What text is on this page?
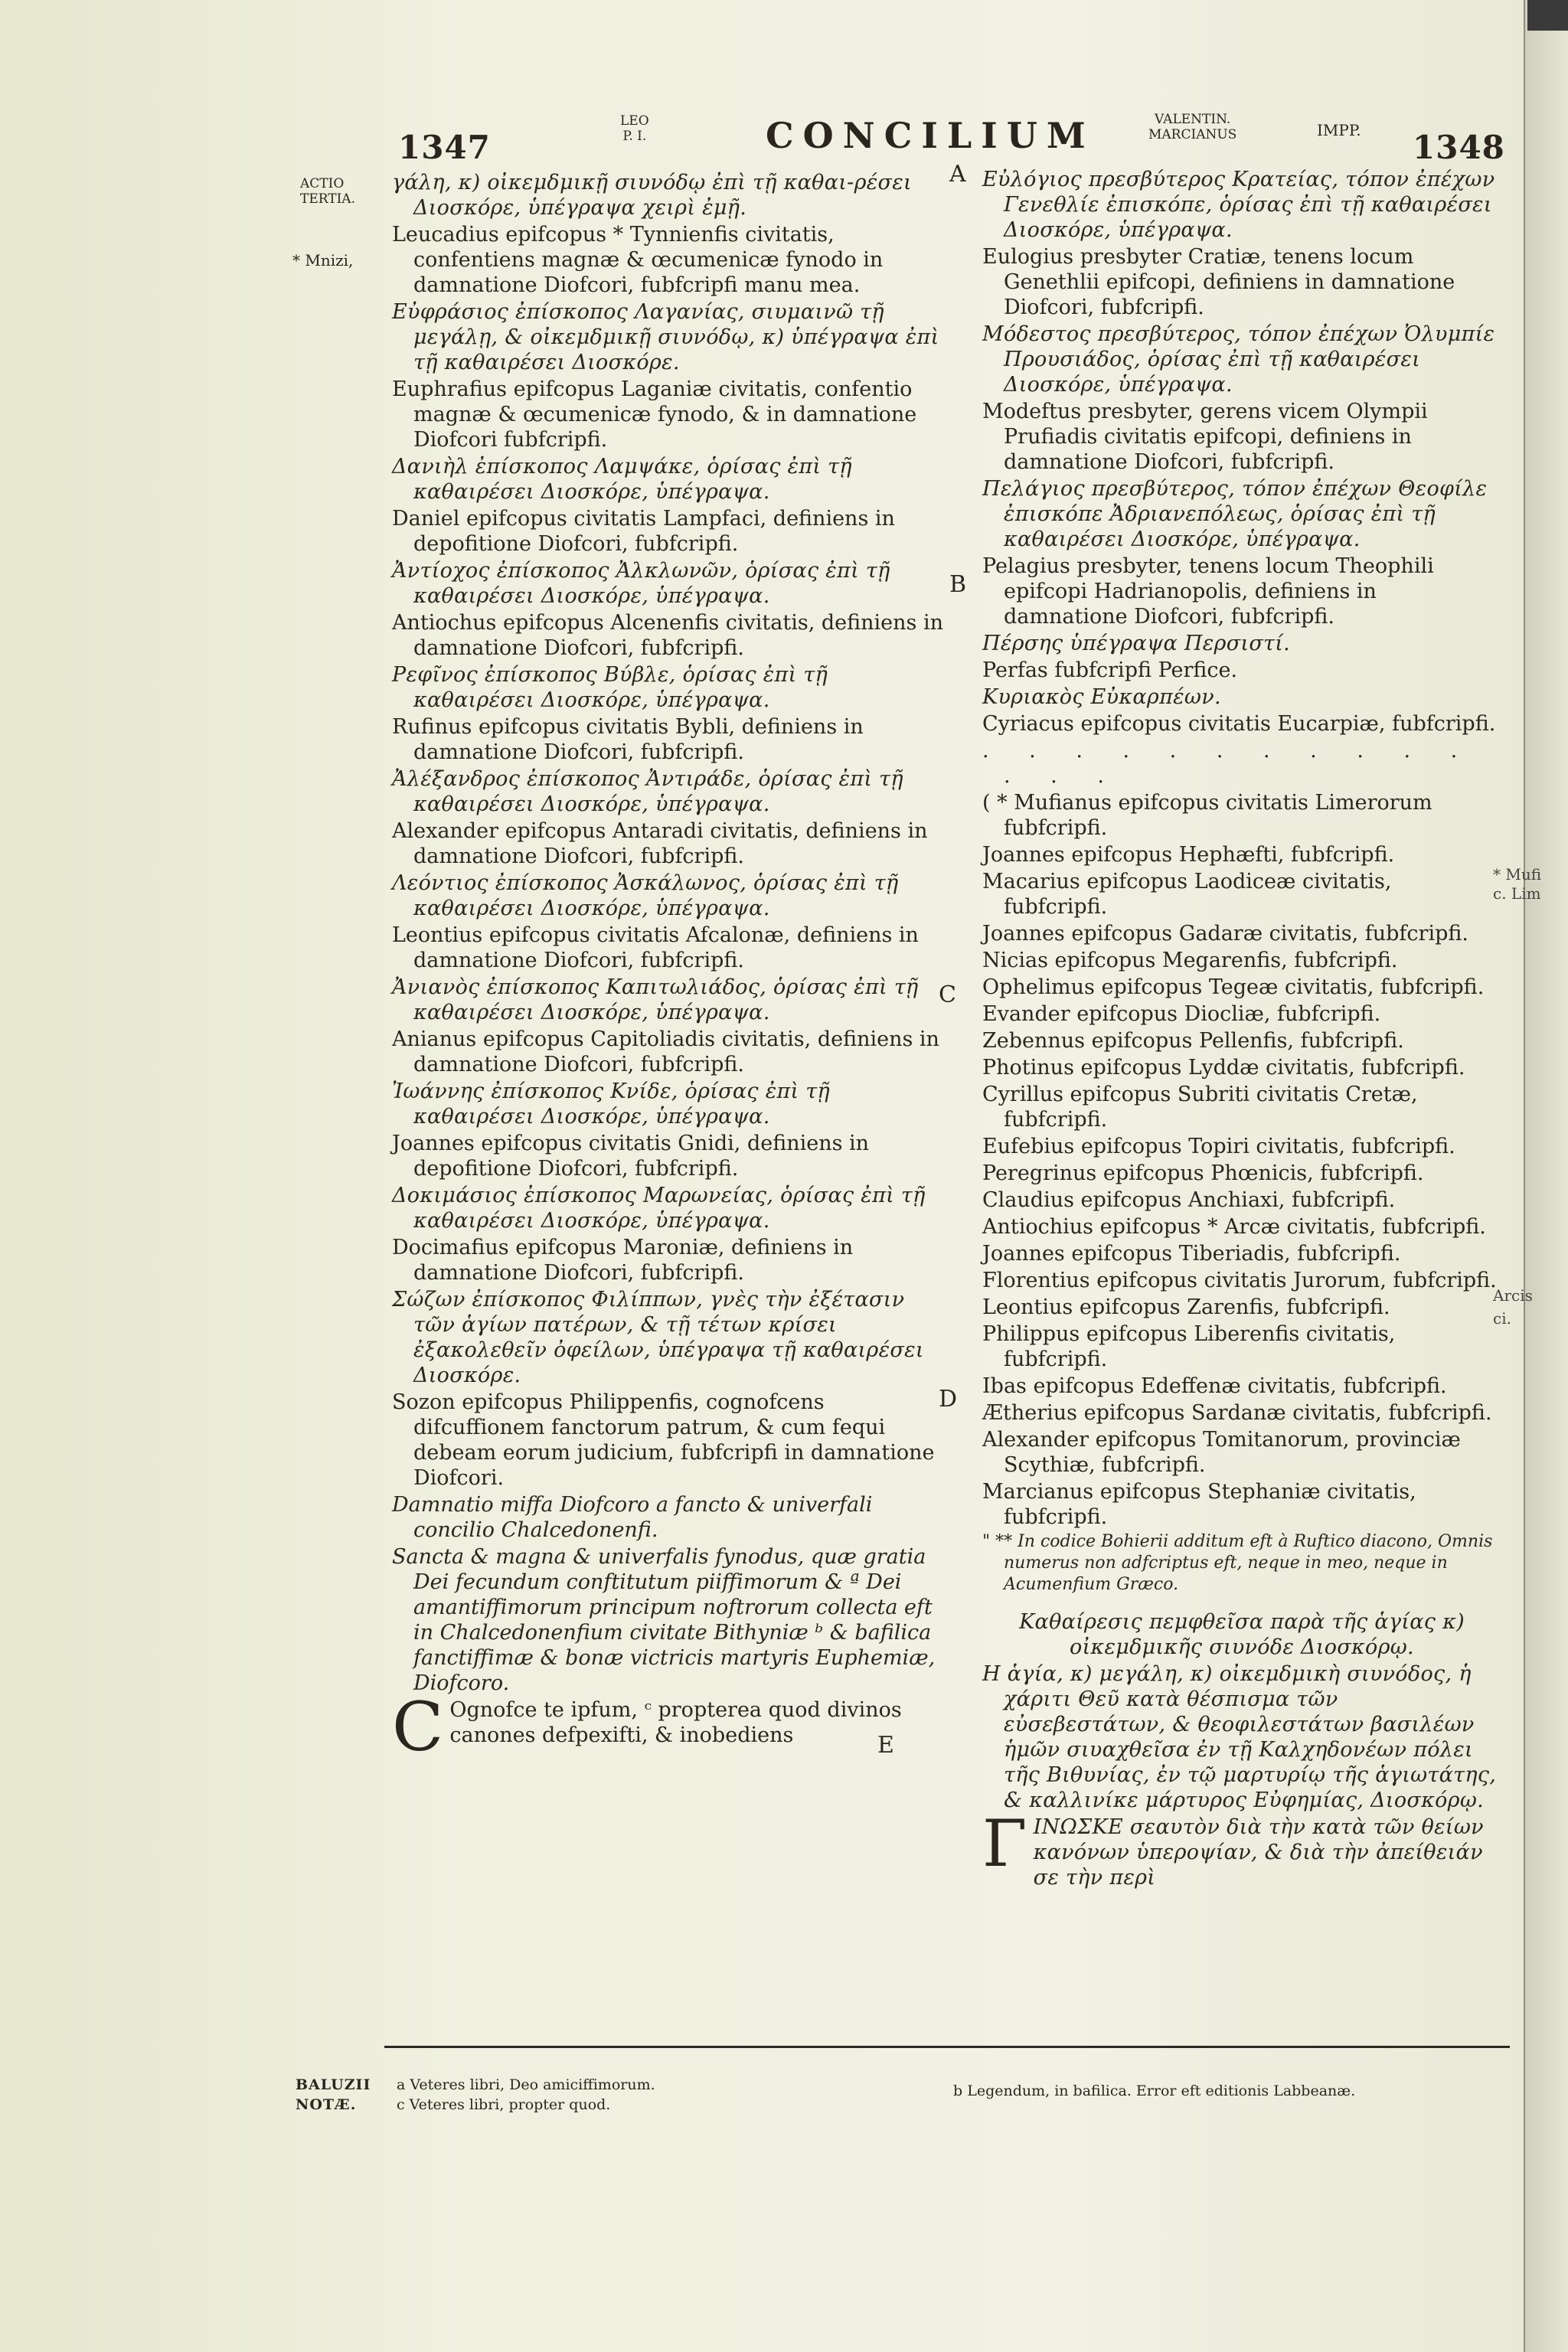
1347
LEO
P. I.	CONCILIUM	VALENTIN.
MARCIANUS	IMPP. 1348
ACTIO
TERTIA.
* Mnizi,
* Mufi
c. Lim
Arcis
ci.
A
B
C
D
E

γάλη, κ) οἰκεμδμικῇ σιυνόδῳ ἐπὶ τῇ καθαι-ρέσει Διοσκόρε, ὑπέγραψα χειρὶ ἐμῇ.

Leucadius epifcopus * Tynnienfis civitatis, confentiens magnæ & œcumenicæ fynodo in damnatione Diofcori, fubfcripfi manu mea.

Εὐφράσιος ἐπίσκοπος Λαγανίας, σιυμαινῶ τῇ μεγάλῃ, & οἰκεμδμικῇ σιυνόδῳ, κ) ὑπέγραψα ἐπὶ τῇ καθαιρέσει Διοσκόρε.

Euphrafius epifcopus Laganiæ civitatis, confentio magnæ & œcumenicæ fynodo, & in damnatione Diofcori fubfcripfi.

Δανιὴλ ἐπίσκοπος Λαμψάκε, ὁρίσας ἐπὶ τῇ καθαιρέσει Διοσκόρε, ὑπέγραψα.

Daniel epifcopus civitatis Lampfaci, definiens in depofitione Diofcori, fubfcripfi.

Ἀντίοχος ἐπίσκοπος Ἀλκλωνῶν, ὁρίσας ἐπὶ τῇ καθαιρέσει Διοσκόρε, ὑπέγραψα.

Antiochus epifcopus Alcenenfis civitatis, definiens in damnatione Diofcori, fubfcripfi.

Ρεφῖνος ἐπίσκοπος Βύβλε, ὁρίσας ἐπὶ τῇ καθαιρέσει Διοσκόρε, ὑπέγραψα.

Rufinus epifcopus civitatis Bybli, definiens in damnatione Diofcori, fubfcripfi.

Ἀλέξανδρος ἐπίσκοπος Ἀντιράδε, ὁρίσας ἐπὶ τῇ καθαιρέσει Διοσκόρε, ὑπέγραψα.

Alexander epifcopus Antaradi civitatis, definiens in damnatione Diofcori, fubfcripfi.

Λεόντιος ἐπίσκοπος Ἀσκάλωνος, ὁρίσας ἐπὶ τῇ καθαιρέσει Διοσκόρε, ὑπέγραψα.

Leontius epifcopus civitatis Afcalonæ, definiens in damnatione Diofcori, fubfcripfi.

Ἀνιανὸς ἐπίσκοπος Καπιτωλιάδος, ὁρίσας ἐπὶ τῇ καθαιρέσει Διοσκόρε, ὑπέγραψα.

Anianus epifcopus Capitoliadis civitatis, definiens in damnatione Diofcori, fubfcripfi.

Ἰωάννης ἐπίσκοπος Κνίδε, ὁρίσας ἐπὶ τῇ καθαιρέσει Διοσκόρε, ὑπέγραψα.

Joannes epifcopus civitatis Gnidi, definiens in depofitione Diofcori, fubfcripfi.

Δοκιμάσιος ἐπίσκοπος Μαρωνείας, ὁρίσας ἐπὶ τῇ καθαιρέσει Διοσκόρε, ὑπέγραψα.

Docimafius epifcopus Maroniæ, definiens in damnatione Diofcori, fubfcripfi.

Σώζων ἐπίσκοπος Φιλίππων, γνὲς τὴν ἐξέτασιν τῶν ἁγίων πατέρων, & τῇ τέτων κρίσει ἐξακολεθεῖν ὀφείλων, ὑπέγραψα τῇ καθαιρέσει Διοσκόρε.

Sozon epifcopus Philippenfis, cognofcens difcuffionem fanctorum patrum, & cum fequi debeam eorum judicium, fubfcripfi in damnatione Diofcori.

Damnatio miffa Diofcoro a fancto & univerfali concilio Chalcedonenfi.

Sancta & magna & univerfalis fynodus, quæ gratia Dei fecundum conftitutum piiffimorum & ª Dei amantiffimorum principum noftrorum collecta eft in Chalcedonenfium civitate Bithyniæ ᵇ & bafilica fanctiffimæ & bonæ victricis martyris Euphemiæ, Diofcoro.

C Ognofce te ipfum, ᶜ propterea quod divinos canones defpexifti, & inobediens

Εὐλόγιος πρεσβύτερος Κρατείας, τόπον ἐπέχων Γενεθλίε ἐπισκόπε, ὁρίσας ἐπὶ τῇ καθαιρέσει Διοσκόρε, ὑπέγραψα.

Eulogius presbyter Cratiæ, tenens locum Genethlii epifcopi, definiens in damnatione Diofcori, fubfcripfi.

Μόδεστος πρεσβύτερος, τόπον ἐπέχων Ὀλυμπίε Προυσιάδος, ὁρίσας ἐπὶ τῇ καθαιρέσει Διοσκόρε, ὑπέγραψα.

Modeftus presbyter, gerens vicem Olympii Prufiadis civitatis epifcopi, definiens in damnatione Diofcori, fubfcripfi.

Πελάγιος πρεσβύτερος, τόπον ἐπέχων Θεοφίλε ἐπισκόπε Ἀδριανεπόλεως, ὁρίσας ἐπὶ τῇ καθαιρέσει Διοσκόρε, ὑπέγραψα.

Pelagius presbyter, tenens locum Theophili epifcopi Hadrianopolis, definiens in damnatione Diofcori, fubfcripfi.

Πέρσης ὑπέγραψα Περσιστί.

Perfas fubfcripfi Perfice.

Κυριακὸς Εὐκαρπέων.

Cyriacus epifcopus civitatis Eucarpiæ, fubfcripfi.

. . . . . . . . . . . . . .

( * Mufianus epifcopus civitatis Limerorum fubfcripfi.

Joannes epifcopus Hephæfti, fubfcripfi.

Macarius epifcopus Laodiceæ civitatis, fubfcripfi.

Joannes epifcopus Gadaræ civitatis, fubfcripfi.

Nicias epifcopus Megarenfis, fubfcripfi.

Ophelimus epifcopus Tegeæ civitatis, fubfcripfi.

Evander epifcopus Diocliæ, fubfcripfi.

Zebennus epifcopus Pellenfis, fubfcripfi.

Photinus epifcopus Lyddæ civitatis, fubfcripfi.

Cyrillus epifcopus Subriti civitatis Cretæ, fubfcripfi.

Eufebius epifcopus Topiri civitatis, fubfcripfi.

Peregrinus epifcopus Phœnicis, fubfcripfi.

Claudius epifcopus Anchiaxi, fubfcripfi.

Antiochius epifcopus * Arcæ civitatis, fubfcripfi.

Joannes epifcopus Tiberiadis, fubfcripfi.

Florentius epifcopus civitatis Jurorum, fubfcripfi.

Leontius epifcopus Zarenfis, fubfcripfi.

Philippus epifcopus Liberenfis civitatis, fubfcripfi.

Ibas epifcopus Edeffenæ civitatis, fubfcripfi.

Ætherius epifcopus Sardanæ civitatis, fubfcripfi.

Alexander epifcopus Tomitanorum, provinciæ Scythiæ, fubfcripfi.

Marcianus epifcopus Stephaniæ civitatis, fubfcripfi.

" ** In codice Bohierii additum eft à Ruftico diacono, Omnis numerus non adfcriptus eft, neque in meo, neque in Acumenfium Græco.

Καθαίρεσις πεμφθεῖσα παρὰ τῆς ἁγίας κ) οἰκεμδμικῆς σιυνόδε Διοσκόρῳ.

Η ἁγία, κ) μεγάλη, κ) οἰκεμδμικὴ σιυνόδος, ἡ χάριτι Θεῦ κατὰ θέσπισμα τῶν εὐσεβεστάτων, & θεοφιλεστάτων βασιλέων ἡμῶν σιυαχθεῖσα ἐν τῇ Καλχηδονέων πόλει τῆς Βιθυνίας, ἐν τῷ μαρτυρίῳ τῆς ἁγιωτάτης, & καλλινίκε μάρτυρος Εὐφημίας, Διοσκόρῳ.

ΓΙΝΩΣΚΕ σεαυτὸν διὰ τὴν κατὰ τῶν θείων κανόνων ὑπεροψίαν, & διὰ τὴν ἀπείθειάν σε τὴν περὶ

BALUZII
NOTÆ.
a Veteres libri, Deo amiciffimorum.
c Veteres libri, propter quod.
b Legendum, in bafilica. Error eft editionis Labbeanæ.
